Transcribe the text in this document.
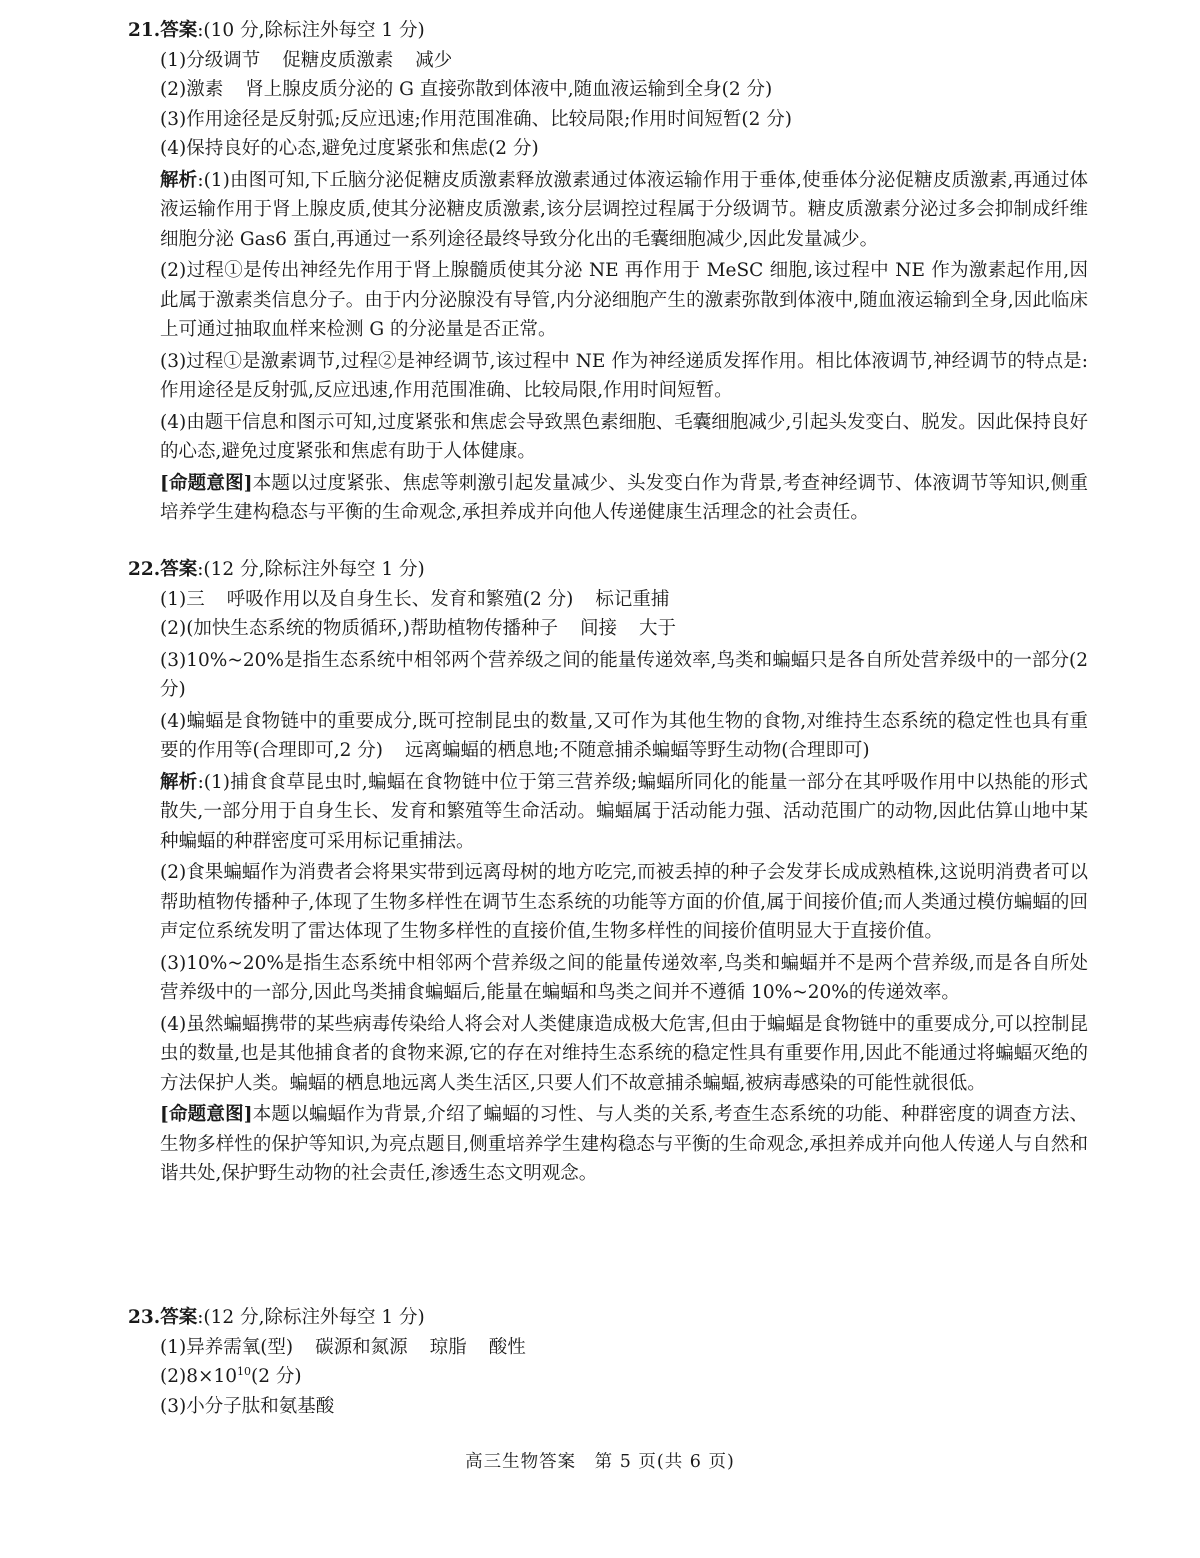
21.答案:(10 分,除标注外每空 1 分)
(1)分级调节 促糖皮质激素 减少
(2)激素 肾上腺皮质分泌的 G 直接弥散到体液中,随血液运输到全身(2 分)
(3)作用途径是反射弧;反应迅速;作用范围准确、比较局限;作用时间短暂(2 分)
(4)保持良好的心态,避免过度紧张和焦虑(2 分)
解析:(1)由图可知,下丘脑分泌促糖皮质激素释放激素通过体液运输作用于垂体,使垂体分泌促糖皮质激素,再通过体液运输作用于肾上腺皮质,使其分泌糖皮质激素,该分层调控过程属于分级调节。糖皮质激素分泌过多会抑制成纤维细胞分泌 Gas6 蛋白,再通过一系列途径最终导致分化出的毛囊细胞减少,因此发量减少。
(2)过程①是传出神经先作用于肾上腺髓质使其分泌 NE 再作用于 MeSC 细胞,该过程中 NE 作为激素起作用,因此属于激素类信息分子。由于内分泌腺没有导管,内分泌细胞产生的激素弥散到体液中,随血液运输到全身,因此临床上可通过抽取血样来检测 G 的分泌量是否正常。
(3)过程①是激素调节,过程②是神经调节,该过程中 NE 作为神经递质发挥作用。相比体液调节,神经调节的特点是:作用途径是反射弧,反应迅速,作用范围准确、比较局限,作用时间短暂。
(4)由题干信息和图示可知,过度紧张和焦虑会导致黑色素细胞、毛囊细胞减少,引起头发变白、脱发。因此保持良好的心态,避免过度紧张和焦虑有助于人体健康。
[命题意图]本题以过度紧张、焦虑等刺激引起发量减少、头发变白作为背景,考查神经调节、体液调节等知识,侧重培养学生建构稳态与平衡的生命观念,承担养成并向他人传递健康生活理念的社会责任。
22.答案:(12 分,除标注外每空 1 分)
(1)三 呼吸作用以及自身生长、发育和繁殖(2 分) 标记重捕
(2)(加快生态系统的物质循环,)帮助植物传播种子 间接 大于
(3)10%~20%是指生态系统中相邻两个营养级之间的能量传递效率,鸟类和蝙蝠只是各自所处营养级中的一部分(2 分)
(4)蝙蝠是食物链中的重要成分,既可控制昆虫的数量,又可作为其他生物的食物,对维持生态系统的稳定性也具有重要的作用等(合理即可,2 分) 远离蝙蝠的栖息地;不随意捕杀蝙蝠等野生动物(合理即可)
解析:(1)捕食食草昆虫时,蝙蝠在食物链中位于第三营养级;蝙蝠所同化的能量一部分在其呼吸作用中以热能的形式散失,一部分用于自身生长、发育和繁殖等生命活动。蝙蝠属于活动能力强、活动范围广的动物,因此估算山地中某种蝙蝠的种群密度可采用标记重捕法。
(2)食果蝙蝠作为消费者会将果实带到远离母树的地方吃完,而被丢掉的种子会发芽长成成熟植株,这说明消费者可以帮助植物传播种子,体现了生物多样性在调节生态系统的功能等方面的价值,属于间接价值;而人类通过模仿蝙蝠的回声定位系统发明了雷达体现了生物多样性的直接价值,生物多样性的间接价值明显大于直接价值。
(3)10%~20%是指生态系统中相邻两个营养级之间的能量传递效率,鸟类和蝙蝠并不是两个营养级,而是各自所处营养级中的一部分,因此鸟类捕食蝙蝠后,能量在蝙蝠和鸟类之间并不遵循 10%~20%的传递效率。
(4)虽然蝙蝠携带的某些病毒传染给人将会对人类健康造成极大危害,但由于蝙蝠是食物链中的重要成分,可以控制昆虫的数量,也是其他捕食者的食物来源,它的存在对维持生态系统的稳定性具有重要作用,因此不能通过将蝙蝠灭绝的方法保护人类。蝙蝠的栖息地远离人类生活区,只要人们不故意捕杀蝙蝠,被病毒感染的可能性就很低。
[命题意图]本题以蝙蝠作为背景,介绍了蝙蝠的习性、与人类的关系,考查生态系统的功能、种群密度的调查方法、生物多样性的保护等知识,为亮点题目,侧重培养学生建构稳态与平衡的生命观念,承担养成并向他人传递人与自然和谐共处,保护野生动物的社会责任,渗透生态文明观念。
23.答案:(12 分,除标注外每空 1 分)
(1)异养需氧(型) 碳源和氮源 琼脂 酸性
$(2)8\times 10^{10}(2$ 分)
(3)小分子肽和氨基酸
高三生物答案　第 5 页(共 6 页)
